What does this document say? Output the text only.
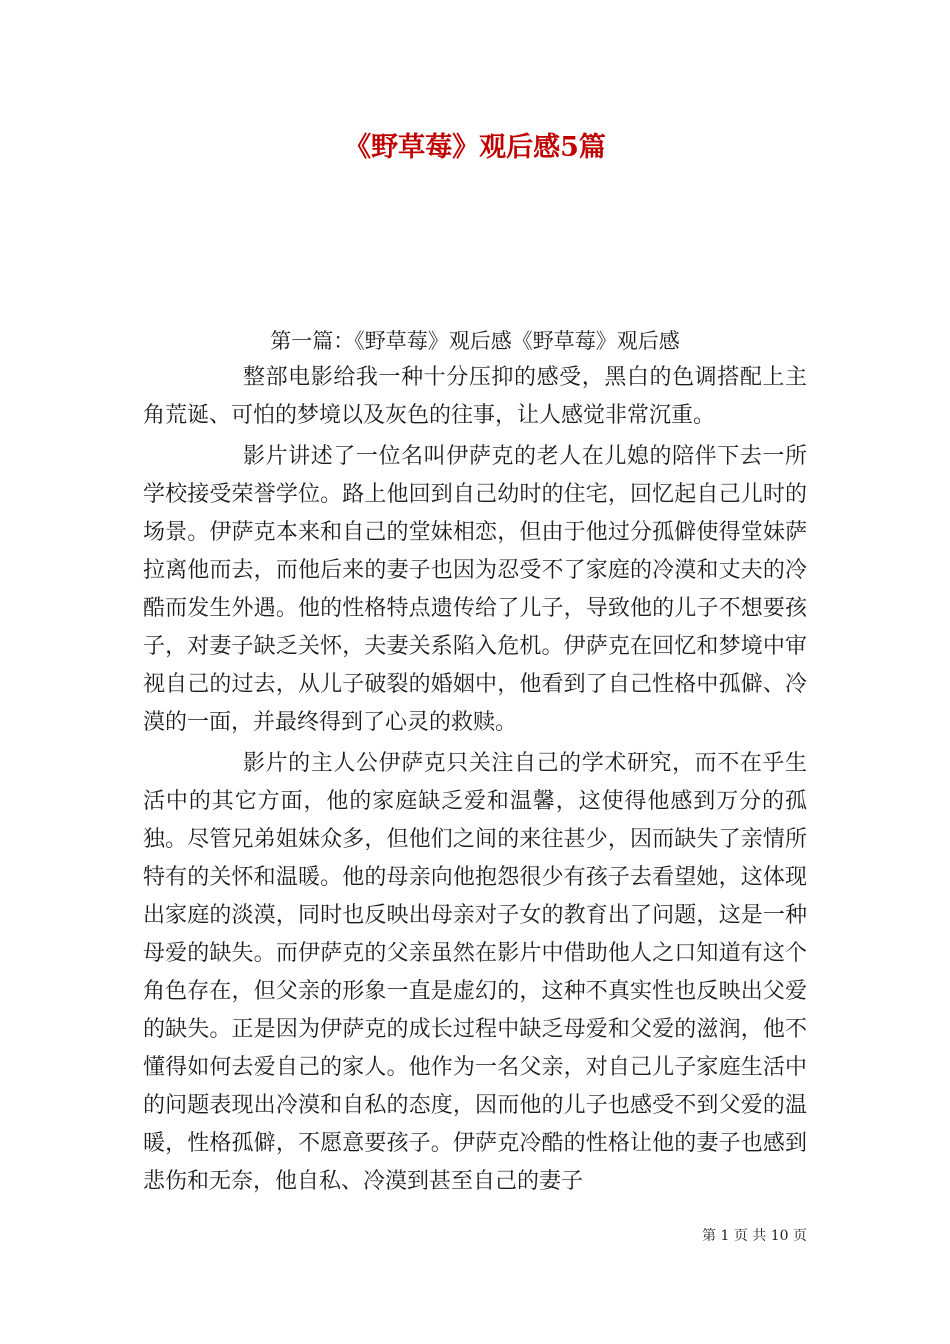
《野草莓》观后感5篇
第一篇：《野草莓》观后感《野草莓》观后感

整部电影给我一种十分压抑的感受，黑白的色调搭配上主角荒诞、可怕的梦境以及灰色的往事，让人感觉非常沉重。

影片讲述了一位名叫伊萨克的老人在儿媳的陪伴下去一所学校接受荣誉学位。路上他回到自己幼时的住宅，回忆起自己儿时的场景。伊萨克本来和自己的堂妹相恋，但由于他过分孤僻使得堂妹萨拉离他而去，而他后来的妻子也因为忍受不了家庭的冷漠和丈夫的冷酷而发生外遇。他的性格特点遗传给了儿子，导致他的儿子不想要孩子，对妻子缺乏关怀，夫妻关系陷入危机。伊萨克在回忆和梦境中审视自己的过去，从儿子破裂的婚姻中，他看到了自己性格中孤僻、冷漠的一面，并最终得到了心灵的救赎。

影片的主人公伊萨克只关注自己的学术研究，而不在乎生活中的其它方面，他的家庭缺乏爱和温馨，这使得他感到万分的孤独。尽管兄弟姐妹众多，但他们之间的来往甚少，因而缺失了亲情所特有的关怀和温暖。他的母亲向他抱怨很少有孩子去看望她，这体现出家庭的淡漠，同时也反映出母亲对子女的教育出了问题，这是一种母爱的缺失。而伊萨克的父亲虽然在影片中借助他人之口知道有这个角色存在，但父亲的形象一直是虚幻的，这种不真实性也反映出父爱的缺失。正是因为伊萨克的成长过程中缺乏母爱和父爱的滋润，他不懂得如何去爱自己的家人。他作为一名父亲，对自己儿子家庭生活中的问题表现出冷漠和自私的态度，因而他的儿子也感受不到父爱的温暖，性格孤僻，不愿意要孩子。伊萨克冷酷的性格让他的妻子也感到悲伤和无奈，他自私、冷漠到甚至自己的妻子

第 1 页 共 10 页
